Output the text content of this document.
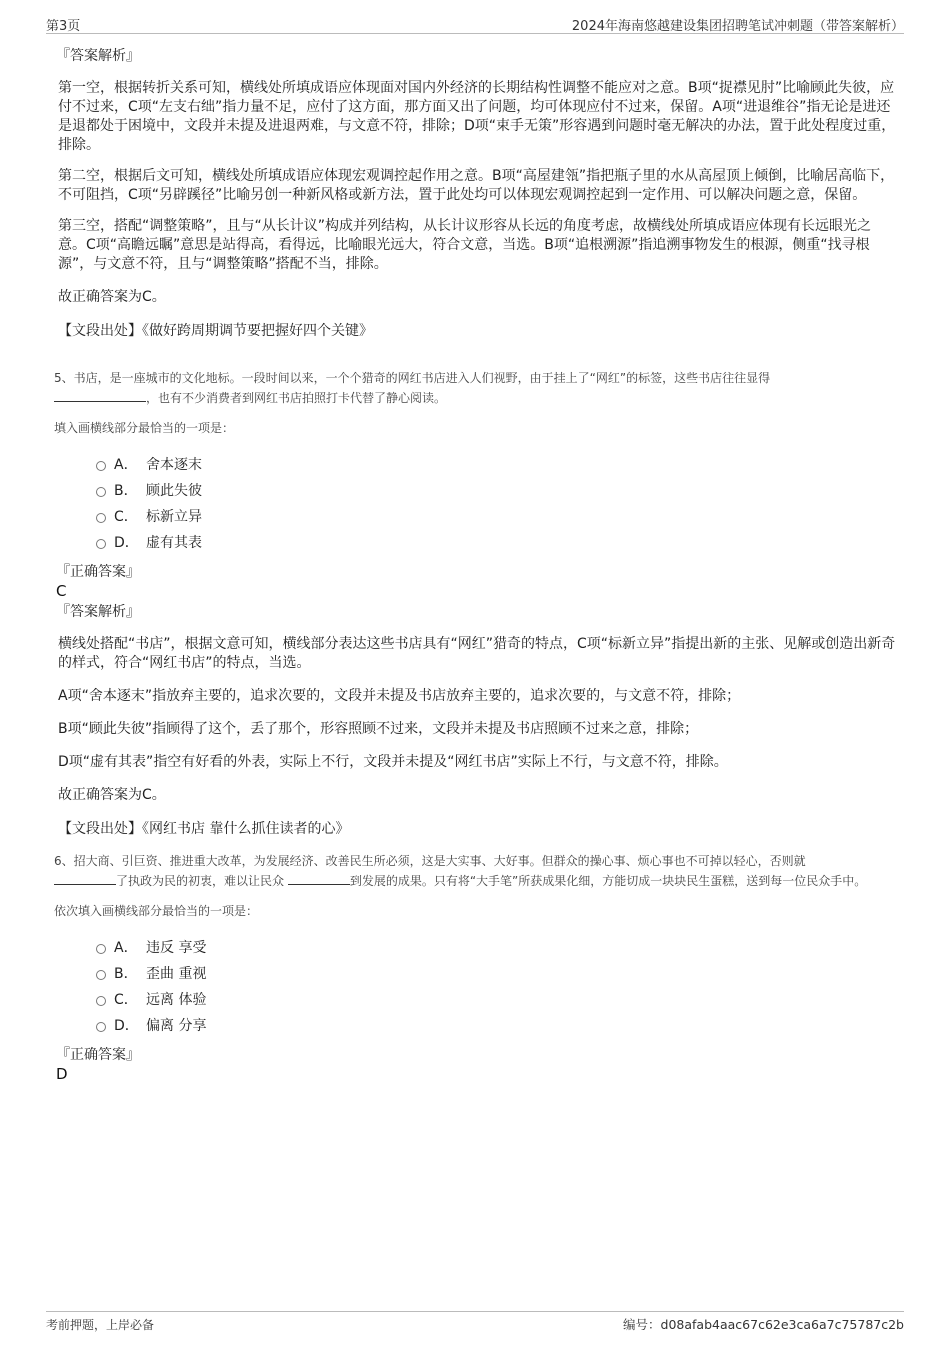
第3页	2024年海南悠越建设集团招聘笔试冲刺题（带答案解析）

『答案解析』

第一空，根据转折关系可知，横线处所填成语应体现面对国内外经济的长期结构性调整不能应对之意。B项“捉襟见肘”比喻顾此失彼，应付不过来，C项“左支右绌”指力量不足，应付了这方面，那方面又出了问题，均可体现应付不过来，保留。A项“进退维谷”指无论是进还是退都处于困境中，文段并未提及进退两难，与文意不符，排除；D项“束手无策”形容遇到问题时毫无解决的办法，置于此处程度过重，排除。

第二空，根据后文可知，横线处所填成语应体现宏观调控起作用之意。B项“高屋建瓴”指把瓶子里的水从高屋顶上倾倒，比喻居高临下，不可阻挡，C项“另辟蹊径”比喻另创一种新风格或新方法，置于此处均可以体现宏观调控起到一定作用、可以解决问题之意，保留。

第三空，搭配“调整策略”，且与“从长计议”构成并列结构，从长计议形容从长远的角度考虑，故横线处所填成语应体现有长远眼光之意。C项“高瞻远瞩”意思是站得高，看得远，比喻眼光远大，符合文意，当选。B项“追根溯源”指追溯事物发生的根源，侧重“找寻根源”，与文意不符，且与“调整策略”搭配不当，排除。

故正确答案为C。

【文段出处】《做好跨周期调节要把握好四个关键》

5、书店，是一座城市的文化地标。一段时间以来，一个个猎奇的网红书店进入人们视野，由于挂上了“网红”的标签，这些书店往往显得
，也有不少消费者到网红书店拍照打卡代替了静心阅读。

填入画横线部分最恰当的一项是：

A． 舍本逐末
B． 顾此失彼
C． 标新立异
D． 虚有其表

『正确答案』

C

『答案解析』

横线处搭配“书店”，根据文意可知，横线部分表达这些书店具有“网红”猎奇的特点，C项“标新立异”指提出新的主张、见解或创造出新奇的样式，符合“网红书店”的特点，当选。

A项“舍本逐末”指放弃主要的，追求次要的，文段并未提及书店放弃主要的，追求次要的，与文意不符，排除；

B项“顾此失彼”指顾得了这个，丢了那个，形容照顾不过来，文段并未提及书店照顾不过来之意，排除；

D项“虚有其表”指空有好看的外表，实际上不行，文段并未提及“网红书店”实际上不行，与文意不符，排除。

故正确答案为C。

【文段出处】《网红书店 靠什么抓住读者的心》

6、招大商、引巨资、推进重大改革，为发展经济、改善民生所必须，这是大实事、大好事。但群众的操心事、烦心事也不可掉以轻心，否则就
了执政为民的初衷，难以让民众	到发展的成果。只有将“大手笔”所获成果化细，方能切成一块块民生蛋糕，送到每一位民众手中。

依次填入画横线部分最恰当的一项是：

A． 违反 享受
B． 歪曲 重视
C． 远离 体验
D． 偏离 分享

『正确答案』

D

考前押题，上岸必备	编号：d08afab4aac67c62e3ca6a7c75787c2b
